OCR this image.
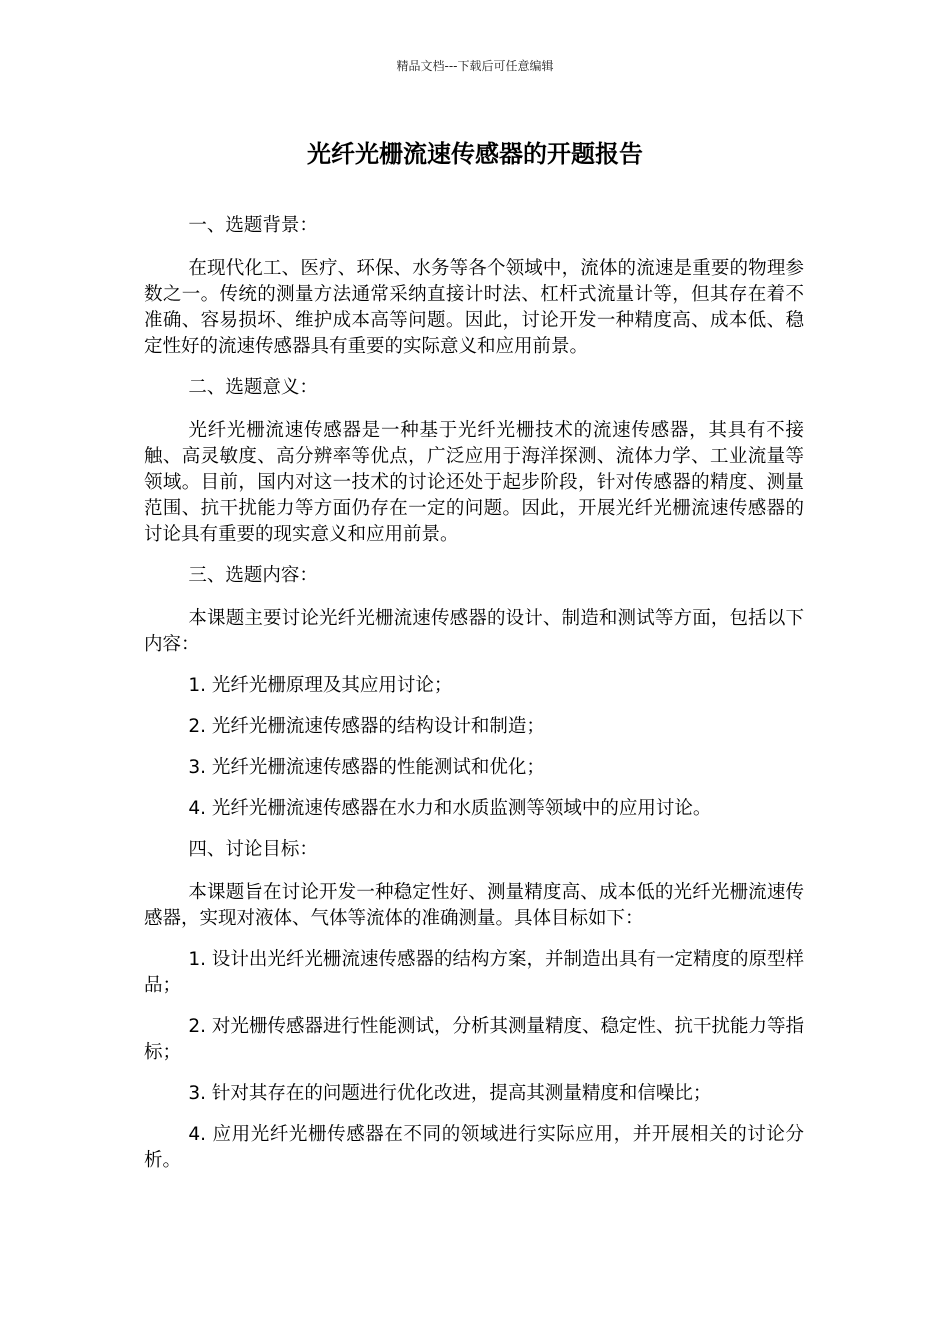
精品文档---下载后可任意编辑
光纤光栅流速传感器的开题报告

一、选题背景：

在现代化工、医疗、环保、水务等各个领域中，流体的流速是重要的物理参数之一。传统的测量方法通常采纳直接计时法、杠杆式流量计等，但其存在着不准确、容易损坏、维护成本高等问题。因此，讨论开发一种精度高、成本低、稳定性好的流速传感器具有重要的实际意义和应用前景。

二、选题意义：

光纤光栅流速传感器是一种基于光纤光栅技术的流速传感器，其具有不接触、高灵敏度、高分辨率等优点，广泛应用于海洋探测、流体力学、工业流量等领域。目前，国内对这一技术的讨论还处于起步阶段，针对传感器的精度、测量范围、抗干扰能力等方面仍存在一定的问题。因此，开展光纤光栅流速传感器的讨论具有重要的现实意义和应用前景。

三、选题内容：

本课题主要讨论光纤光栅流速传感器的设计、制造和测试等方面，包括以下内容：

1. 光纤光栅原理及其应用讨论；

2. 光纤光栅流速传感器的结构设计和制造；

3. 光纤光栅流速传感器的性能测试和优化；

4. 光纤光栅流速传感器在水力和水质监测等领域中的应用讨论。

四、讨论目标：

本课题旨在讨论开发一种稳定性好、测量精度高、成本低的光纤光栅流速传感器，实现对液体、气体等流体的准确测量。具体目标如下：

1. 设计出光纤光栅流速传感器的结构方案，并制造出具有一定精度的原型样品；

2. 对光栅传感器进行性能测试，分析其测量精度、稳定性、抗干扰能力等指标；

3. 针对其存在的问题进行优化改进，提高其测量精度和信噪比；

4. 应用光纤光栅传感器在不同的领域进行实际应用，并开展相关的讨论分析。
